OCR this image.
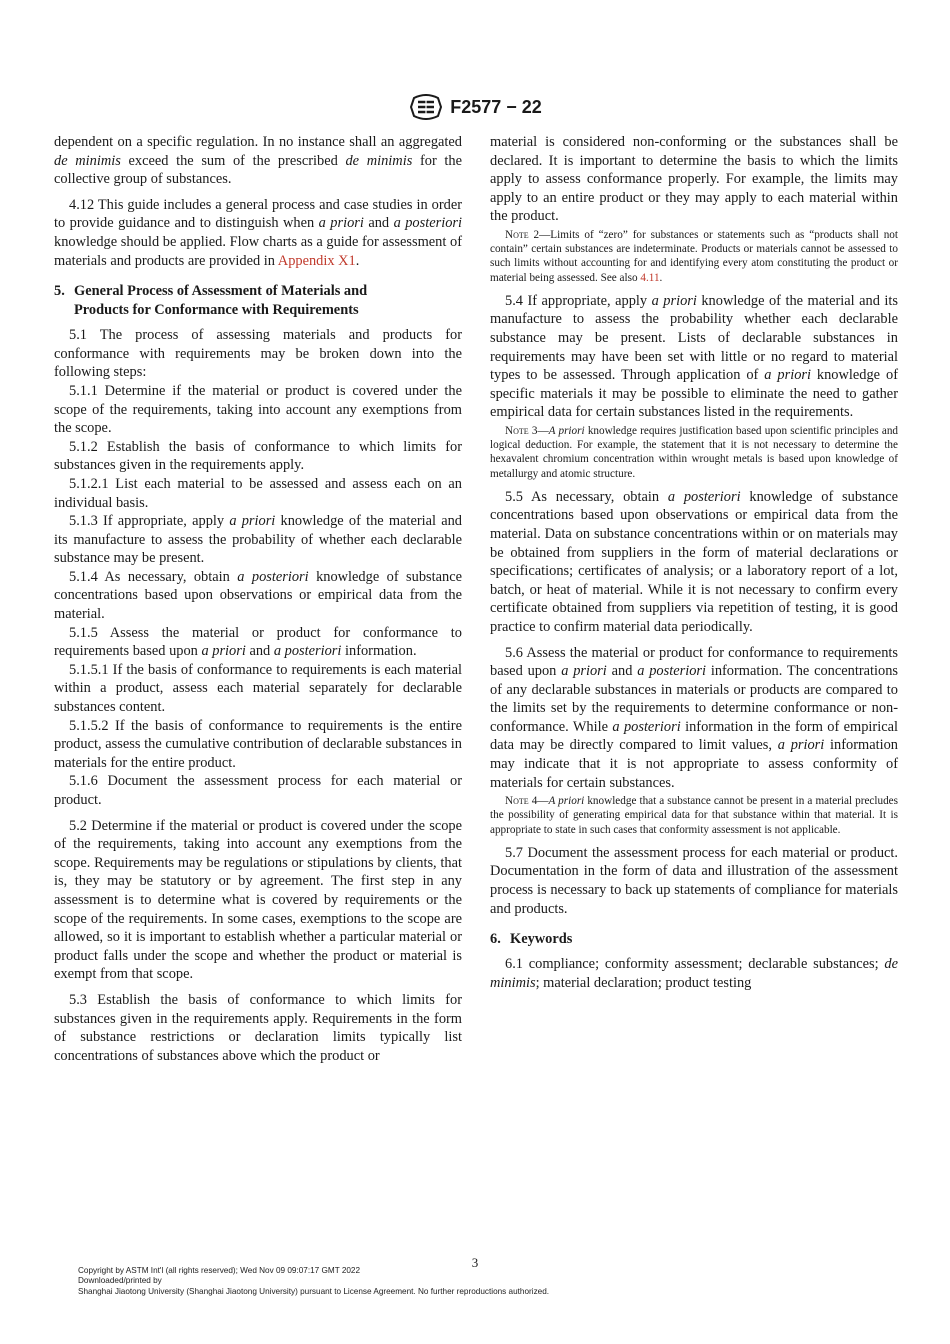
F2577 − 22

dependent on a specific regulation. In no instance shall an aggregated de minimis exceed the sum of the prescribed de minimis for the collective group of substances.

4.12 This guide includes a general process and case studies in order to provide guidance and to distinguish when a priori and a posteriori knowledge should be applied. Flow charts as a guide for assessment of materials and products are provided in Appendix X1.

5. General Process of Assessment of Materials and
Products for Conformance with Requirements

5.1 The process of assessing materials and products for conformance with requirements may be broken down into the following steps:

5.1.1 Determine if the material or product is covered under the scope of the requirements, taking into account any exemptions from the scope.

5.1.2 Establish the basis of conformance to which limits for substances given in the requirements apply.

5.1.2.1 List each material to be assessed and assess each on an individual basis.

5.1.3 If appropriate, apply a priori knowledge of the material and its manufacture to assess the probability of whether each declarable substance may be present.

5.1.4 As necessary, obtain a posteriori knowledge of substance concentrations based upon observations or empirical data from the material.

5.1.5 Assess the material or product for conformance to requirements based upon a priori and a posteriori information.

5.1.5.1 If the basis of conformance to requirements is each material within a product, assess each material separately for declarable substances content.

5.1.5.2 If the basis of conformance to requirements is the entire product, assess the cumulative contribution of declarable substances in materials for the entire product.

5.1.6 Document the assessment process for each material or product.

5.2 Determine if the material or product is covered under the scope of the requirements, taking into account any exemptions from the scope. Requirements may be regulations or stipulations by clients, that is, they may be statutory or by agreement. The first step in any assessment is to determine what is covered by requirements or the scope of the requirements. In some cases, exemptions to the scope are allowed, so it is important to establish whether a particular material or product falls under the scope and whether the product or material is exempt from that scope.

5.3 Establish the basis of conformance to which limits for substances given in the requirements apply. Requirements in the form of substance restrictions or declaration limits typically list concentrations of substances above which the product or

material is considered non-conforming or the substances shall be declared. It is important to determine the basis to which the limits apply to assess conformance properly. For example, the limits may apply to an entire product or they may apply to each material within the product.

Note 2—Limits of “zero” for substances or statements such as “products shall not contain” certain substances are indeterminate. Products or materials cannot be assessed to such limits without accounting for and identifying every atom constituting the product or material being assessed. See also 4.11.

5.4 If appropriate, apply a priori knowledge of the material and its manufacture to assess the probability whether each declarable substance may be present. Lists of declarable substances in requirements may have been set with little or no regard to material types to be assessed. Through application of a priori knowledge of specific materials it may be possible to eliminate the need to gather empirical data for certain substances listed in the requirements.

Note 3—A priori knowledge requires justification based upon scientific principles and logical deduction. For example, the statement that it is not necessary to determine the hexavalent chromium concentration within wrought metals is based upon knowledge of metallurgy and atomic structure.

5.5 As necessary, obtain a posteriori knowledge of substance concentrations based upon observations or empirical data from the material. Data on substance concentrations within or on materials may be obtained from suppliers in the form of material declarations or specifications; certificates of analysis; or a laboratory report of a lot, batch, or heat of material. While it is not necessary to confirm every certificate obtained from suppliers via repetition of testing, it is good practice to confirm material data periodically.

5.6 Assess the material or product for conformance to requirements based upon a priori and a posteriori information. The concentrations of any declarable substances in materials or products are compared to the limits set by the requirements to determine conformance or non-conformance. While a posteriori information in the form of empirical data may be directly compared to limit values, a priori information may indicate that it is not appropriate to assess conformity of materials for certain substances.

Note 4—A priori knowledge that a substance cannot be present in a material precludes the possibility of generating empirical data for that substance within that material. It is appropriate to state in such cases that conformity assessment is not applicable.

5.7 Document the assessment process for each material or product. Documentation in the form of data and illustration of the assessment process is necessary to back up statements of compliance for materials and products.

6. Keywords

6.1 compliance; conformity assessment; declarable substances; de minimis; material declaration; product testing

3
Copyright by ASTM Int'l (all rights reserved); Wed Nov 09 09:07:17 GMT 2022
Downloaded/printed by
Shanghai Jiaotong University (Shanghai Jiaotong University) pursuant to License Agreement. No further reproductions authorized.
